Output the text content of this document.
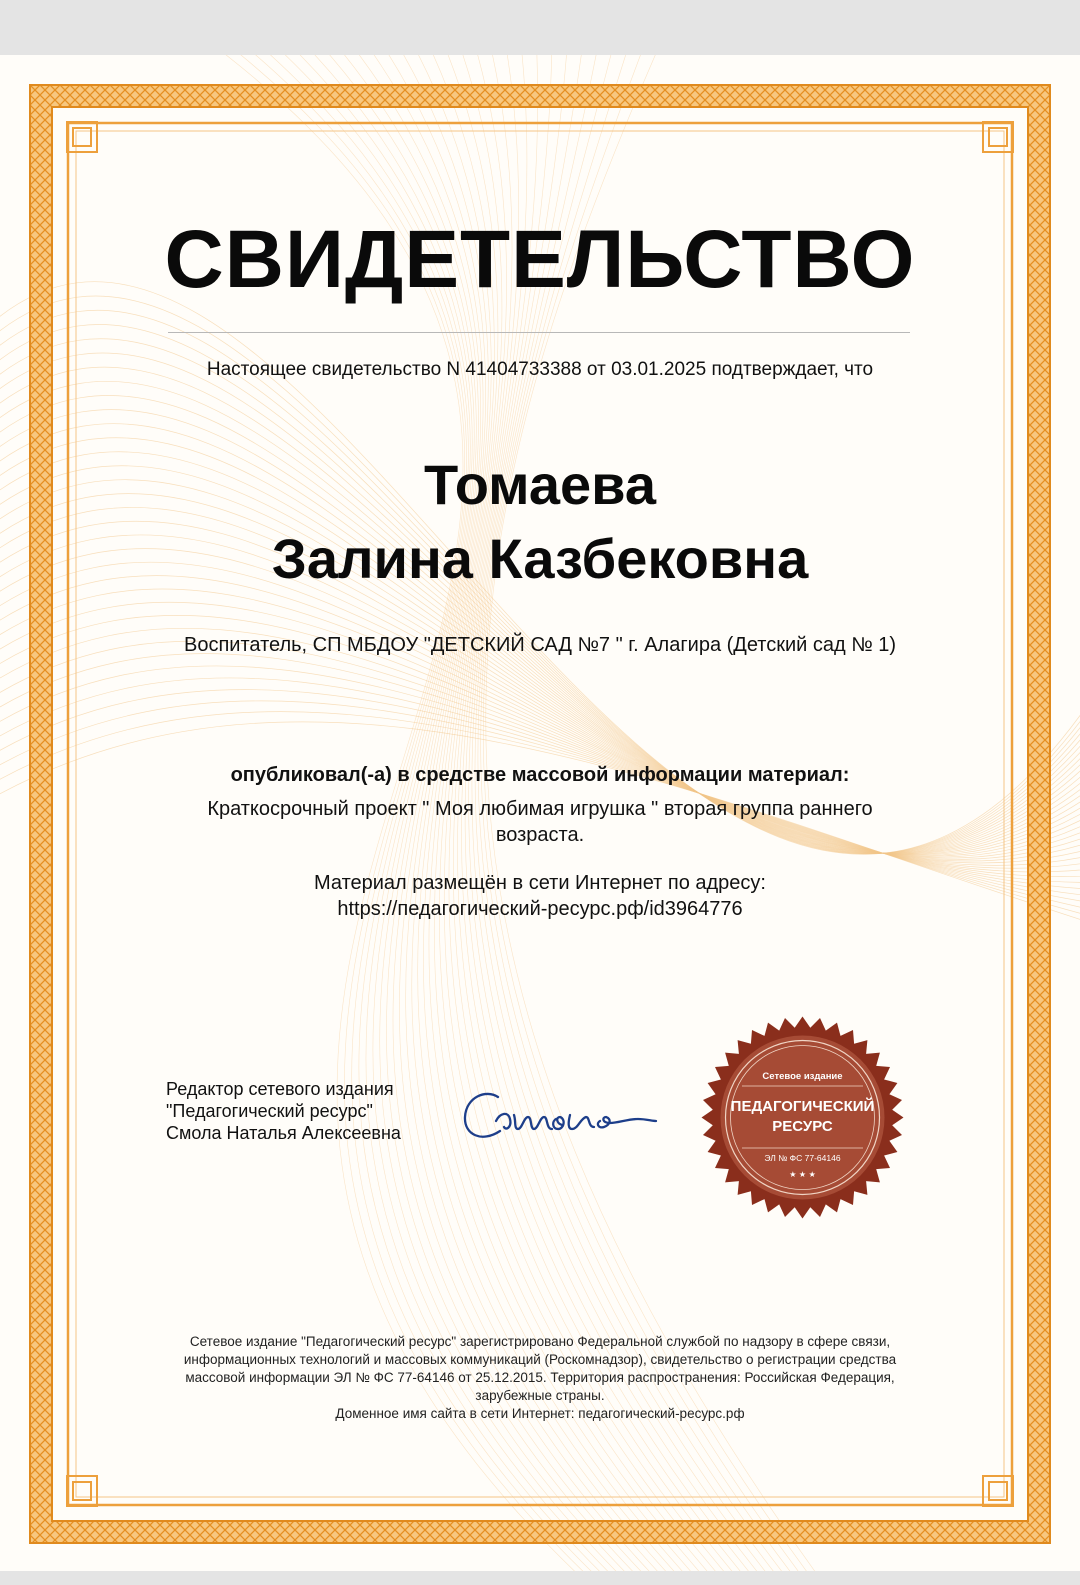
СВИДЕТЕЛЬСТВО
Настоящее свидетельство N 41404733388 от 03.01.2025 подтверждает, что
Томаева
Залина Казбековна
Воспитатель, СП МБДОУ "ДЕТСКИЙ САД №7 " г. Алагира (Детский сад № 1)
опубликовал(-а) в средстве массовой информации материал:
Краткосрочный проект " Моя любимая игрушка " вторая группа раннего возраста.
Материал размещён в сети Интернет по адресу:
https://педагогический-ресурс.рф/id3964776
Редактор сетевого издания
"Педагогический ресурс"
Смола Наталья Алексеевна
Сетевое издание
ПЕДАГОГИЧЕСКИЙ
РЕСУРС
ЭЛ № ФС 77-64146
★ ★ ★
Сетевое издание "Педагогический ресурс" зарегистрировано Федеральной службой по надзору в сфере связи, информационных технологий и массовых коммуникаций (Роскомнадзор), свидетельство о регистрации средства массовой информации ЭЛ № ФС 77-64146 от 25.12.2015. Территория распространения: Российская Федерация, зарубежные страны.
Доменное имя сайта в сети Интернет: педагогический-ресурс.рф
